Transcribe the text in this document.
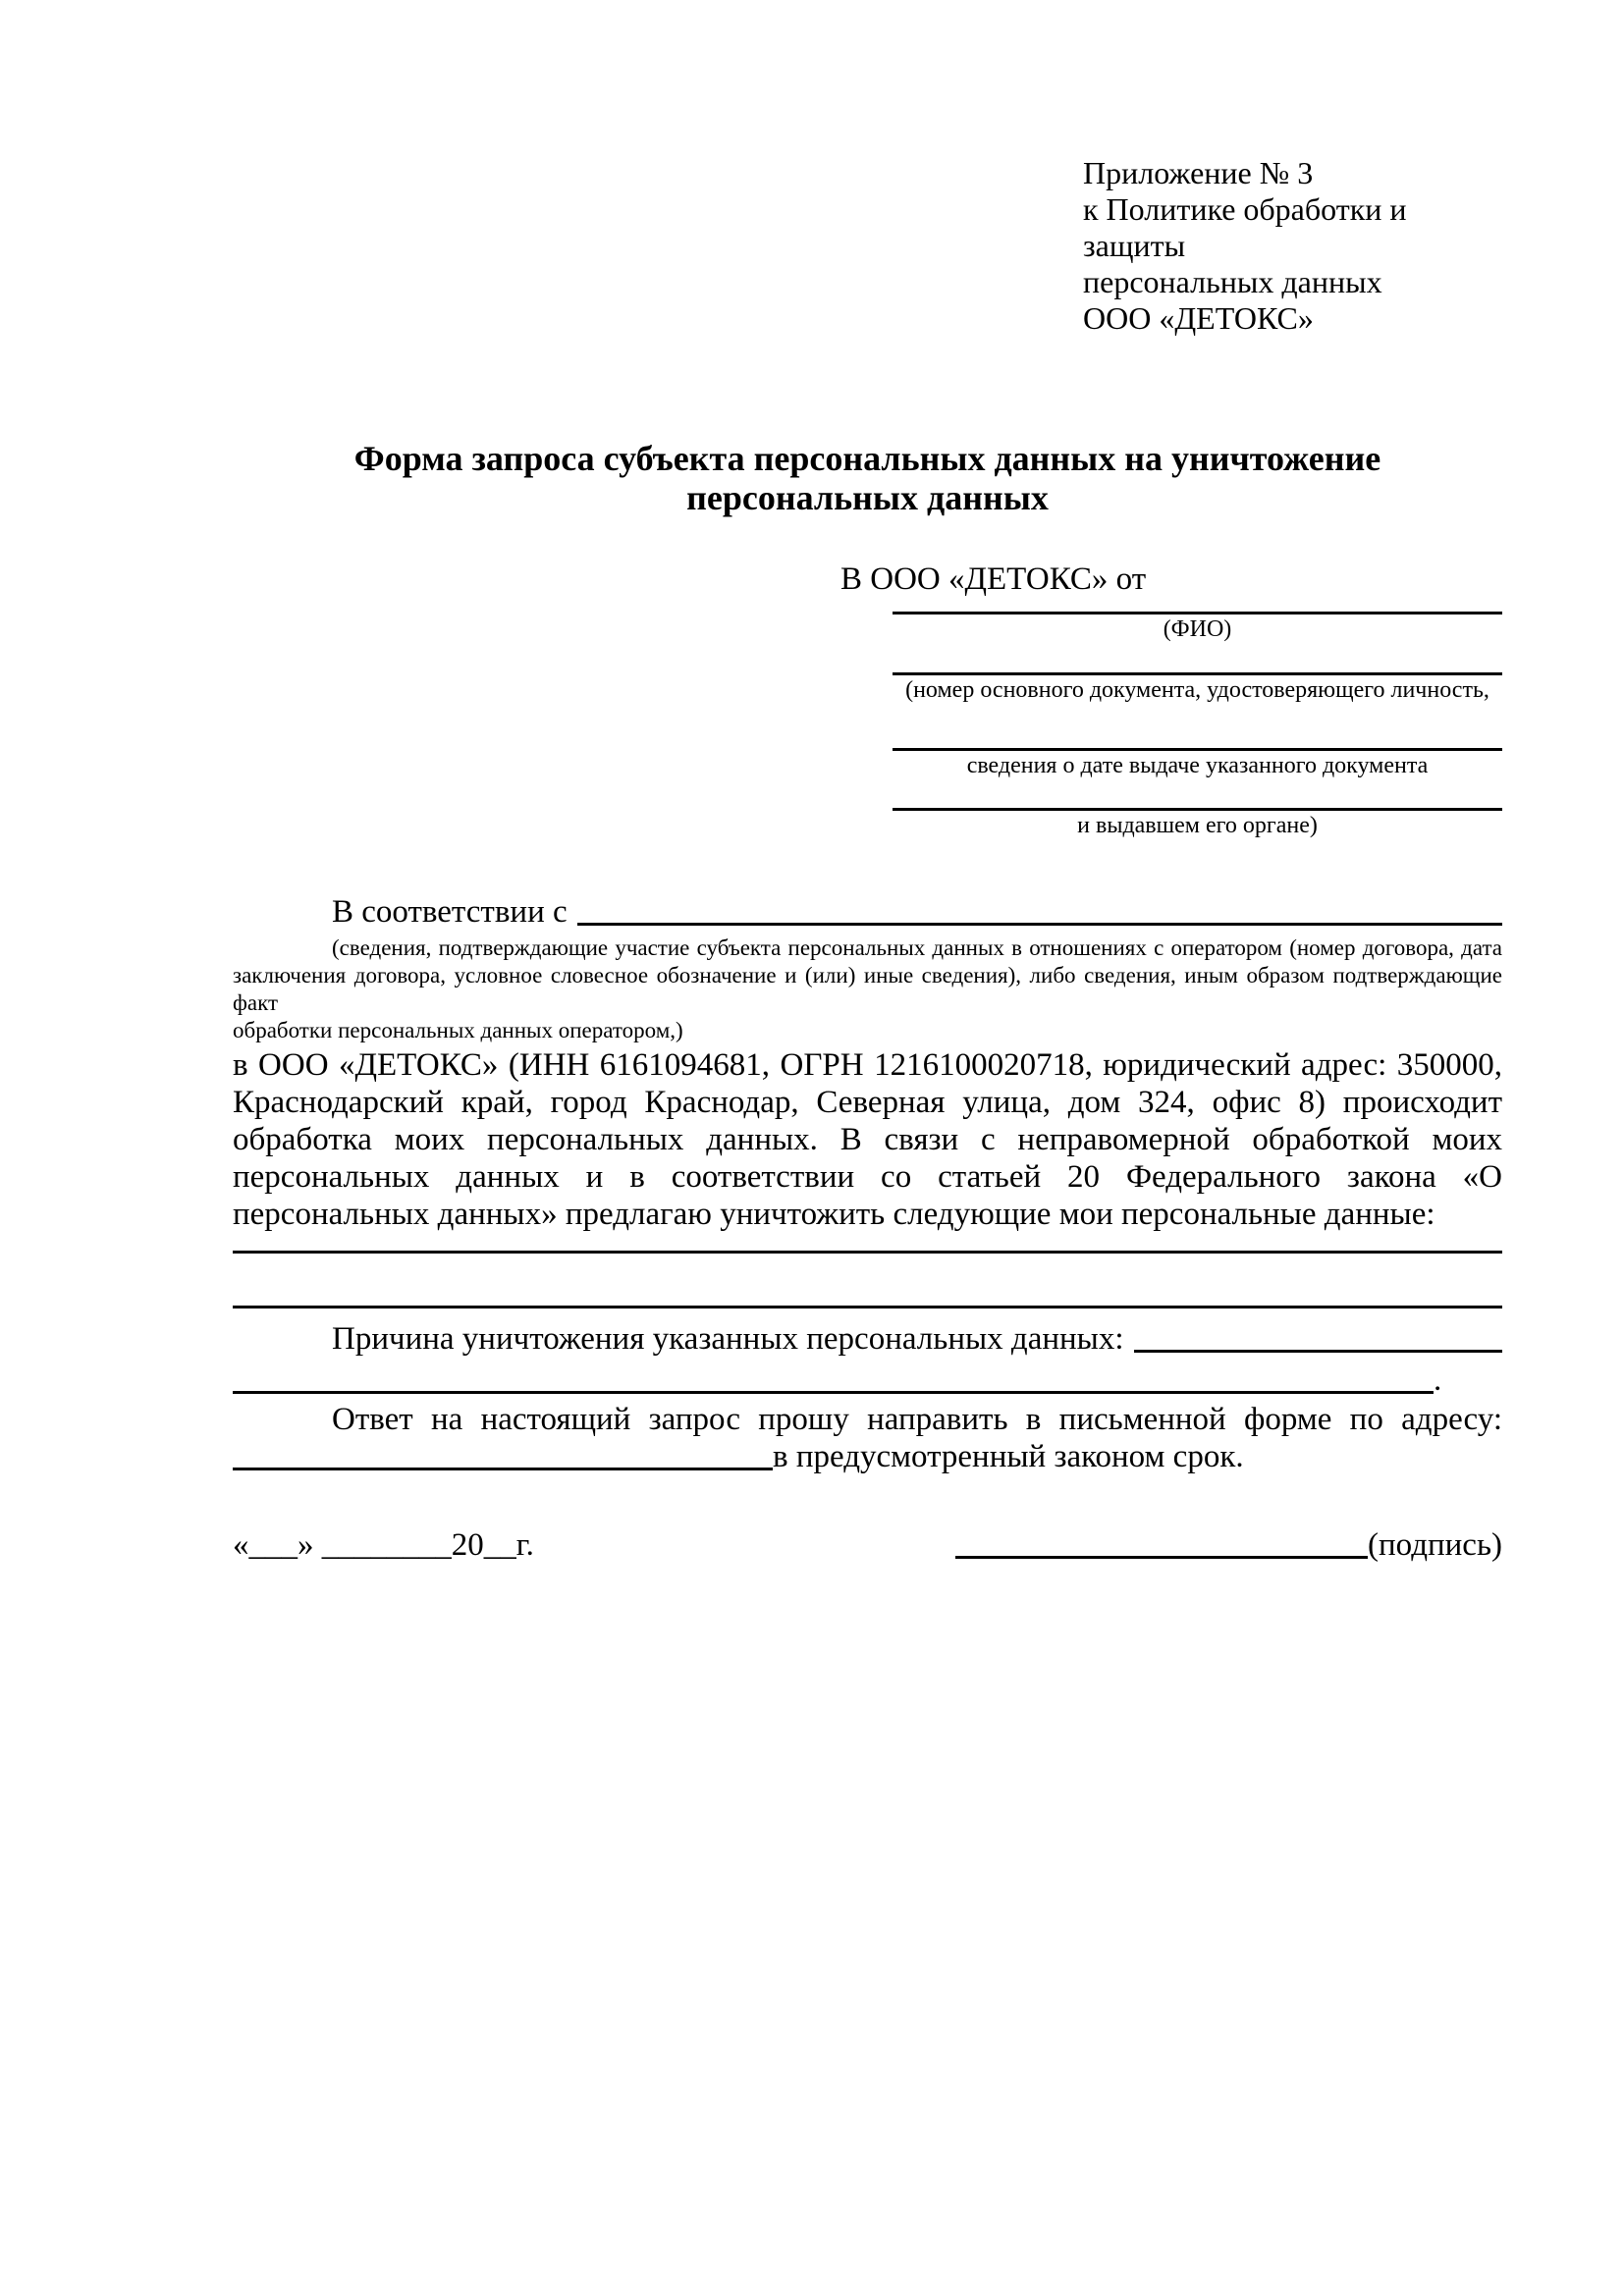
Приложение № 3
к Политике обработки и защиты
персональных данных
ООО «ДЕТОКС»
Форма запроса субъекта персональных данных на уничтожение
персональных данных
В ООО «ДЕТОКС» от
(ФИО)
(номер основного документа, удостоверяющего личность,
сведения о дате выдаче указанного документа
и выдавшем его органе)
В соответствии с
(сведения, подтверждающие участие субъекта персональных данных в отношениях с оператором (номер договора, дата
заключения договора, условное словесное обозначение и (или) иные сведения), либо сведения, иным образом подтверждающие факт
обработки персональных данных оператором,)
в ООО «ДЕТОКС» (ИНН 6161094681, ОГРН 1216100020718, юридический адрес: 350000,
Краснодарский край, город Краснодар, Северная улица, дом 324, офис 8) происходит
обработка моих персональных данных. В связи с неправомерной обработкой моих
персональных данных и в соответствии со статьей 20 Федерального закона «О
персональных данных» предлагаю уничтожить следующие мои персональные данные:
Причина уничтожения указанных персональных данных:
.
Ответ на настоящий запрос прошу направить в письменной форме по адресу:
в предусмотренный законом срок.
«___» ________20__г.	(подпись)
